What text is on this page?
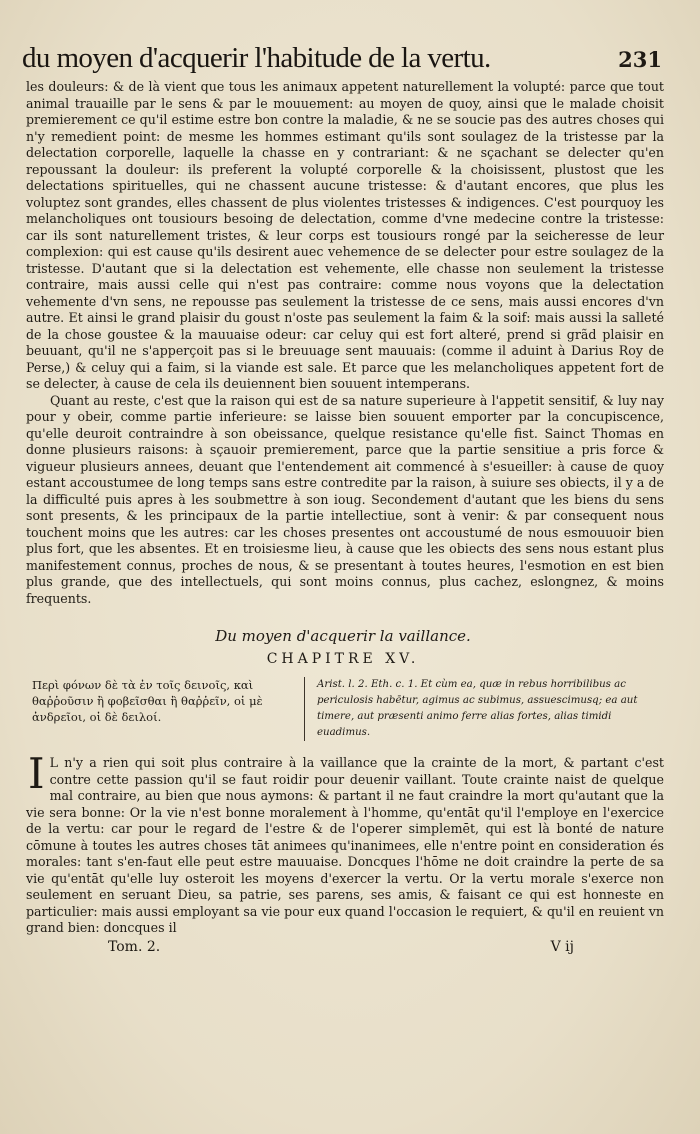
du moyen d'acquerir l'habitude de la vertu.	231

les douleurs: & de là vient que tous les animaux appetent naturellement la volupté: parce que tout animal trauaille par le sens & par le mouuement: au moyen de quoy, ainsi que le malade choisit premierement ce qu'il estime estre bon contre la maladie, & ne se soucie pas des autres choses qui n'y remedient point: de mesme les hommes estimant qu'ils sont soulagez de la tristesse par la delectation corporelle, laquelle la chasse en y contrariant: & ne sçachant se delecter qu'en repoussant la douleur: ils preferent la volupté corporelle & la choisissent, plustost que les delectations spirituelles, qui ne chassent aucune tristesse: & d'autant encores, que plus les voluptez sont grandes, elles chassent de plus violentes tristesses & indigences. C'est pourquoy les melancholiques ont tousiours besoing de delectation, comme d'vne medecine contre la tristesse: car ils sont naturellement tristes, & leur corps est tousiours rongé par la seicheresse de leur complexion: qui est cause qu'ils desirent auec vehemence de se delecter pour estre soulagez de la tristesse. D'autant que si la delectation est vehemente, elle chasse non seulement la tristesse contraire, mais aussi celle qui n'est pas contraire: comme nous voyons que la delectation vehemente d'vn sens, ne repousse pas seulement la tristesse de ce sens, mais aussi encores d'vn autre. Et ainsi le grand plaisir du goust n'oste pas seulement la faim & la soif: mais aussi la salleté de la chose goustee & la mauuaise odeur: car celuy qui est fort alteré, prend si grãd plaisir en beuuant, qu'il ne s'apperçoit pas si le breuuage sent mauuais: (comme il aduint à Darius Roy de Perse,) & celuy qui a faim, si la viande est sale. Et parce que les melancholiques appetent fort de se delecter, à cause de cela ils deuiennent bien souuent intemperans.

Quant au reste, c'est que la raison qui est de sa nature superieure à l'appetit sensitif, & luy nay pour y obeir, comme partie inferieure: se laisse bien souuent emporter par la concupiscence, qu'elle deuroit contraindre à son obeissance, quelque resistance qu'elle fist. Sainct Thomas en donne plusieurs raisons: à sçauoir premierement, parce que la partie sensitiue a pris force & vigueur plusieurs annees, deuant que l'entendement ait commencé à s'esueiller: à cause de quoy estant accoustumee de long temps sans estre contredite par la raison, à suiure ses obiects, il y a de la difficulté puis apres à les soubmettre à son ioug. Secondement d'autant que les biens du sens sont presents, & les principaux de la partie intellectiue, sont à venir: & par consequent nous touchent moins que les autres: car les choses presentes ont accoustumé de nous esmouuoir bien plus fort, que les absentes. Et en troisiesme lieu, à cause que les obiects des sens nous estant plus manifestement connus, proches de nous, & se presentant à toutes heures, l'esmotion en est bien plus grande, que des intellectuels, qui sont moins connus, plus cachez, eslongnez, & moins frequents.

Du moyen d'acquerir la vaillance.
CHAPITRE XV.
Περὶ φόνων δὲ τὰ ἐν τοῖς δεινοῖς, καὶ θαῤῥοῦσιν ἢ φοβεῖσθαι ἢ θαῤῥεῖν, οἱ μὲ ἀνδρεῖοι, οἱ δὲ δειλοί.
Arist. l. 2. Eth. c. 1. Et cùm ea, quæ in rebus horribilibus ac periculosis habētur, agimus ac subimus, assuescimusq; ea aut timere, aut præsenti animo ferre alias fortes, alias timidi euadimus.

I L n'y a rien qui soit plus contraire à la vaillance que la crainte de la mort, & partant c'est contre cette passion qu'il se faut roidir pour deuenir vaillant. Toute crainte naist de quelque mal contraire, au bien que nous aymons: & partant il ne faut craindre la mort qu'autant que la vie sera bonne: Or la vie n'est bonne moralement à l'homme, qu'entāt qu'il l'employe en l'exercice de la vertu: car pour le regard de l'estre & de l'operer simplemēt, qui est là bonté de nature cōmune à toutes les autres choses tāt animees qu'inanimees, elle n'entre point en consideration és morales: tant s'en-faut elle peut estre mauuaise. Doncques l'hōme ne doit craindre la perte de sa vie qu'entāt qu'elle luy osteroit les moyens d'exercer la vertu. Or la vertu morale s'exerce non seulement en seruant Dieu, sa patrie, ses parens, ses amis, & faisant ce qui est honneste en particulier: mais aussi employant sa vie pour eux quand l'occasion le requiert, & qu'il en reuient vn grand bien: doncques il

Tom. 2.	V ij
